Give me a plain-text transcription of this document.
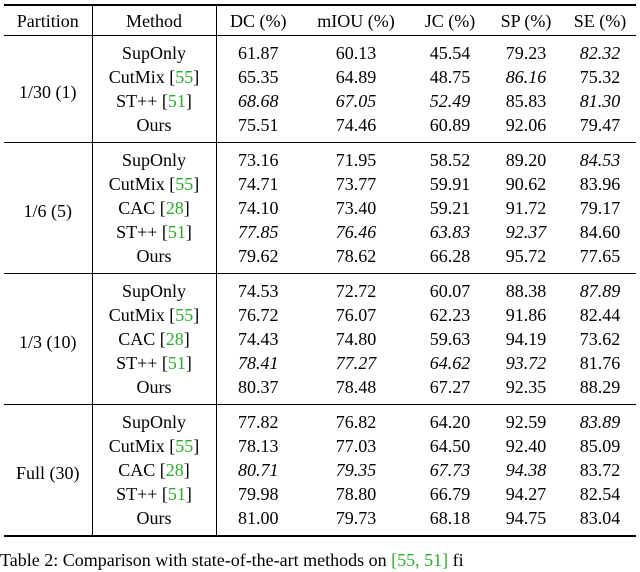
Partition	Method	DC (%)	mIOU (%)	JC (%)	SP (%)	SE (%)
1/30 (1)	SupOnly	61.87	60.13	45.54	79.23	82.32
	CutMix [55]	65.35	64.89	48.75	86.16	75.32
	ST++ [51]	68.68	67.05	52.49	85.83	81.30
	Ours	75.51	74.46	60.89	92.06	79.47
1/6 (5)	SupOnly	73.16	71.95	58.52	89.20	84.53
	CutMix [55]	74.71	73.77	59.91	90.62	83.96
	CAC [28]	74.10	73.40	59.21	91.72	79.17
	ST++ [51]	77.85	76.46	63.83	92.37	84.60
	Ours	79.62	78.62	66.28	95.72	77.65
1/3 (10)	SupOnly	74.53	72.72	60.07	88.38	87.89
	CutMix [55]	76.72	76.07	62.23	91.86	82.44
	CAC [28]	74.43	74.80	59.63	94.19	73.62
	ST++ [51]	78.41	77.27	64.62	93.72	81.76
	Ours	80.37	78.48	67.27	92.35	88.29
Full (30)	SupOnly	77.82	76.82	64.20	92.59	83.89
	CutMix [55]	78.13	77.03	64.50	92.40	85.09
	CAC [28]	80.71	79.35	67.73	94.38	83.72
	ST++ [51]	79.98	78.80	66.79	94.27	82.54
	Ours	81.00	79.73	68.18	94.75	83.04
Table 2: Comparison with state-of-the-art methods on [55, 51] fi
